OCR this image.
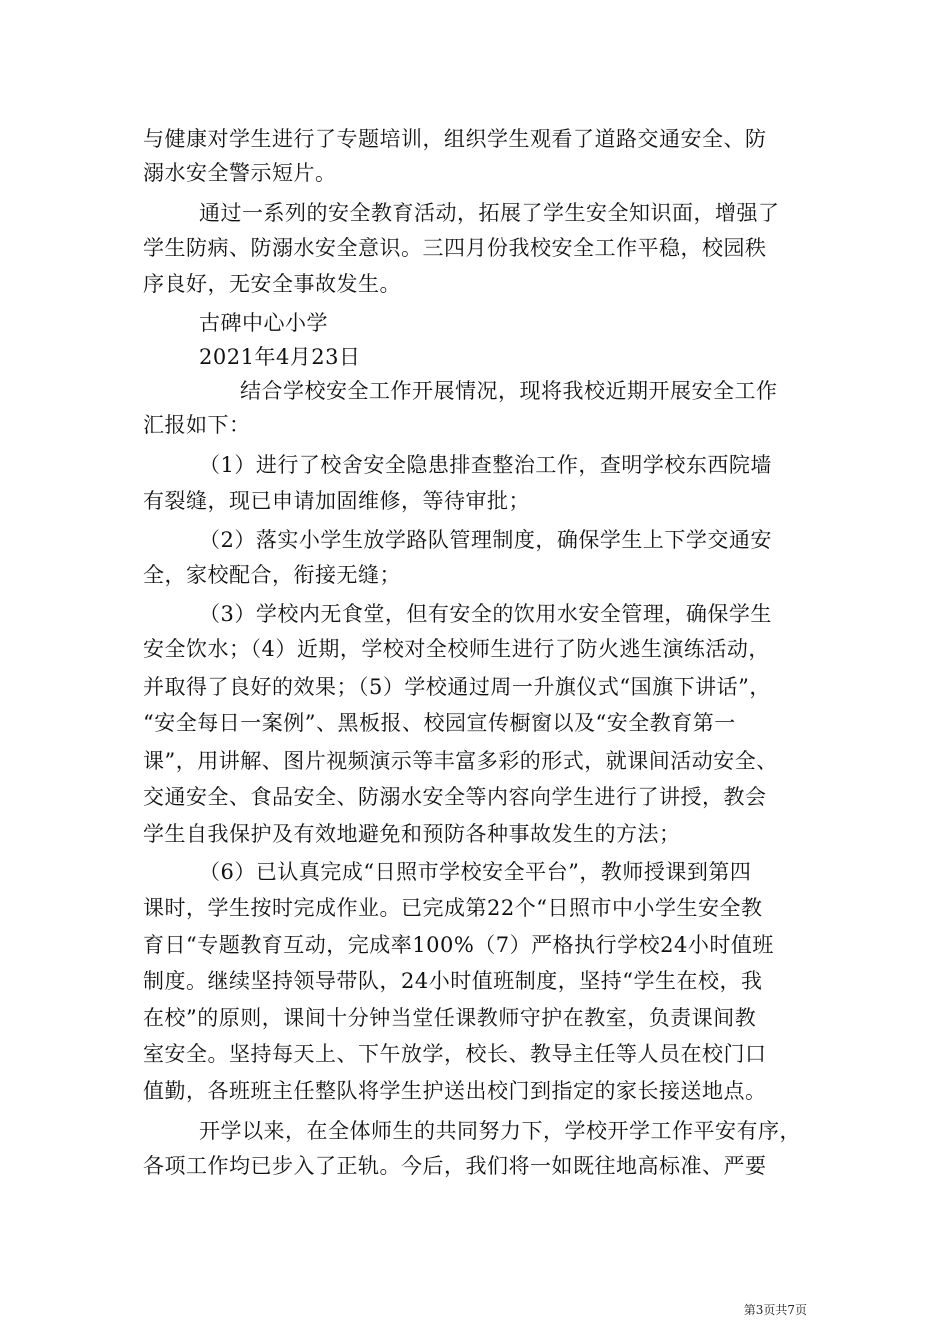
与健康对学生进行了专题培训，组织学生观看了道路交通安全、防
溺水安全警示短片。
通过一系列的安全教育活动，拓展了学生安全知识面，增强了
学生防病、防溺水安全意识。三四月份我校安全工作平稳，校园秩
序良好，无安全事故发生。
古碑中心小学
2021年4月23日
结合学校安全工作开展情况，现将我校近期开展安全工作
汇报如下：
（1）进行了校舍安全隐患排查整治工作，查明学校东西院墙
有裂缝，现已申请加固维修，等待审批；
（2）落实小学生放学路队管理制度，确保学生上下学交通安
全，家校配合，衔接无缝；
（3）学校内无食堂，但有安全的饮用水安全管理，确保学生
安全饮水；（4）近期，学校对全校师生进行了防火逃生演练活动，
并取得了良好的效果；（5）学校通过周一升旗仪式“国旗下讲话”，
“安全每日一案例”、黑板报、校园宣传橱窗以及“安全教育第一
课”，用讲解、图片视频演示等丰富多彩的形式，就课间活动安全、
交通安全、食品安全、防溺水安全等内容向学生进行了讲授，教会
学生自我保护及有效地避免和预防各种事故发生的方法；
（6）已认真完成“日照市学校安全平台”，教师授课到第四
课时，学生按时完成作业。已完成第22个“日照市中小学生安全教
育日“专题教育互动，完成率100%（7）严格执行学校24小时值班
制度。继续坚持领导带队，24小时值班制度，坚持“学生在校，我
在校”的原则，课间十分钟当堂任课教师守护在教室，负责课间教
室安全。坚持每天上、下午放学，校长、教导主任等人员在校门口
值勤，各班班主任整队将学生护送出校门到指定的家长接送地点。
开学以来，在全体师生的共同努力下，学校开学工作平安有序，
各项工作均已步入了正轨。今后，我们将一如既往地高标准、严要
第3页共7页
